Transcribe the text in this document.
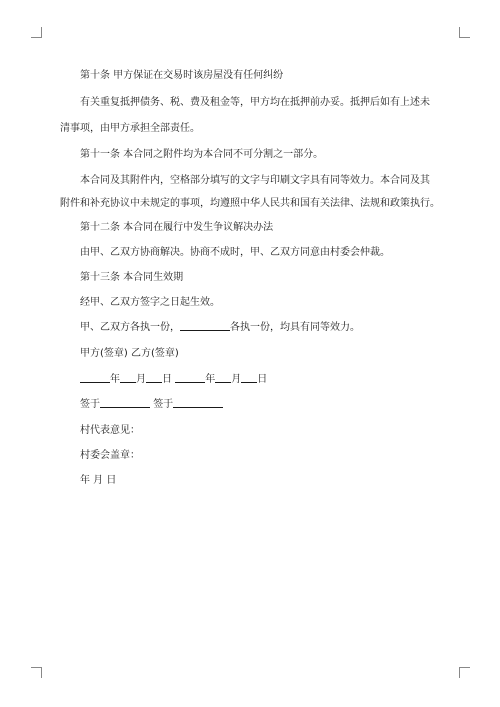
第十条 甲方保证在交易时该房屋没有任何纠纷
有关重复抵押债务、税、费及租金等，甲方均在抵押前办妥。抵押后如有上述未
清事项，由甲方承担全部责任。
第十一条 本合同之附件均为本合同不可分割之一部分。
本合同及其附件内，空格部分填写的文字与印刷文字具有同等效力。本合同及其
附件和补充协议中未规定的事项，均遵照中华人民共和国有关法律、法规和政策执行。
第十二条 本合同在履行中发生争议解决办法
由甲、乙双方协商解决。协商不成时，甲、乙双方同意由村委会仲裁。
第十三条 本合同生效期
经甲、乙双方签字之日起生效。
甲、乙双方各执一份，	各执一份，均具有同等效力。
甲方(签章) 乙方(签章)
年 月 日	年 月 日
签于	签于
村代表意见：
村委会盖章：
年 月 日
